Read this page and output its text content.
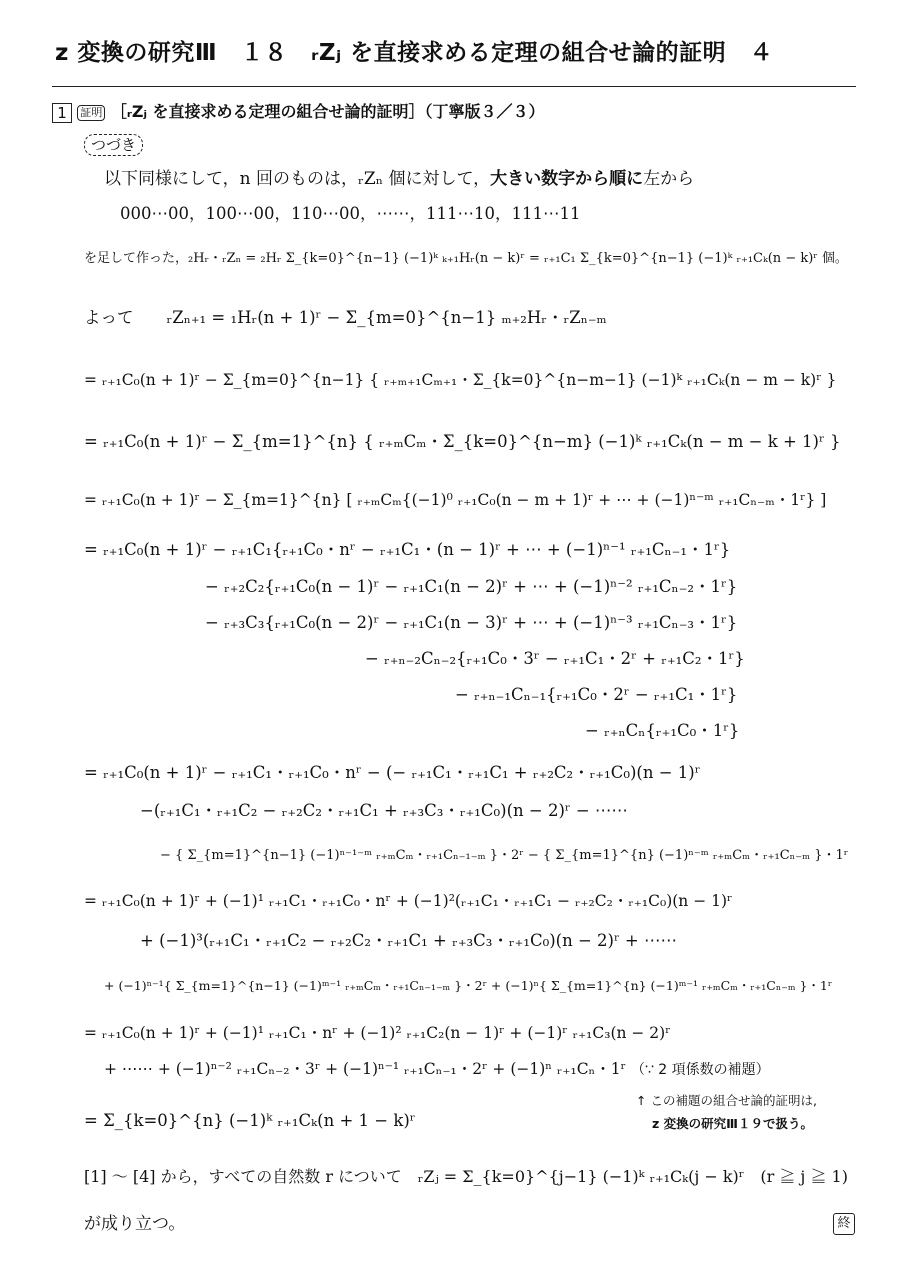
z 変換の研究Ⅲ　１８　ᵣZⱼ を直接求める定理の組合せ論的証明　４
1 証明 ［ᵣZⱼ を直接求める定理の組合せ論的証明］（丁寧版３／３）
つづき
以下同様にして，n 回のものは，ᵣZₙ 個に対して，大きい数字から順に左から
000⋯00，100⋯00，110⋯00，⋯⋯，111⋯10，111⋯11
を足して作った，₂Hᵣ・ᵣZₙ = ₂Hᵣ Σ_{k=0}^{n−1} (−1)ᵏ ₖ₊₁Hᵣ(n − k)ʳ = ᵣ₊₁C₁ Σ_{k=0}^{n−1} (−1)ᵏ ᵣ₊₁Cₖ(n − k)ʳ 個。
よって　　ᵣZₙ₊₁ = ₁Hᵣ(n + 1)ʳ − Σ_{m=0}^{n−1} ₘ₊₂Hᵣ・ᵣZₙ₋ₘ
= ᵣ₊₁C₀(n + 1)ʳ − Σ_{m=0}^{n−1} { ᵣ₊ₘ₊₁Cₘ₊₁・Σ_{k=0}^{n−m−1} (−1)ᵏ ᵣ₊₁Cₖ(n − m − k)ʳ }
= ᵣ₊₁C₀(n + 1)ʳ − Σ_{m=1}^{n} { ᵣ₊ₘCₘ・Σ_{k=0}^{n−m} (−1)ᵏ ᵣ₊₁Cₖ(n − m − k + 1)ʳ }
= ᵣ₊₁C₀(n + 1)ʳ − Σ_{m=1}^{n} [ ᵣ₊ₘCₘ{(−1)⁰ ᵣ₊₁C₀(n − m + 1)ʳ + ⋯ + (−1)ⁿ⁻ᵐ ᵣ₊₁Cₙ₋ₘ・1ʳ} ]
= ᵣ₊₁C₀(n + 1)ʳ − ᵣ₊₁C₁{ᵣ₊₁C₀・nʳ − ᵣ₊₁C₁・(n − 1)ʳ + ⋯ + (−1)ⁿ⁻¹ ᵣ₊₁Cₙ₋₁・1ʳ}
− ᵣ₊₂C₂{ᵣ₊₁C₀(n − 1)ʳ − ᵣ₊₁C₁(n − 2)ʳ + ⋯ + (−1)ⁿ⁻² ᵣ₊₁Cₙ₋₂・1ʳ}
− ᵣ₊₃C₃{ᵣ₊₁C₀(n − 2)ʳ − ᵣ₊₁C₁(n − 3)ʳ + ⋯ + (−1)ⁿ⁻³ ᵣ₊₁Cₙ₋₃・1ʳ}
− ᵣ₊ₙ₋₂Cₙ₋₂{ᵣ₊₁C₀・3ʳ − ᵣ₊₁C₁・2ʳ + ᵣ₊₁C₂・1ʳ}
− ᵣ₊ₙ₋₁Cₙ₋₁{ᵣ₊₁C₀・2ʳ − ᵣ₊₁C₁・1ʳ}
− ᵣ₊ₙCₙ{ᵣ₊₁C₀・1ʳ}
= ᵣ₊₁C₀(n + 1)ʳ − ᵣ₊₁C₁・ᵣ₊₁C₀・nʳ − (− ᵣ₊₁C₁・ᵣ₊₁C₁ + ᵣ₊₂C₂・ᵣ₊₁C₀)(n − 1)ʳ
−(ᵣ₊₁C₁・ᵣ₊₁C₂ − ᵣ₊₂C₂・ᵣ₊₁C₁ + ᵣ₊₃C₃・ᵣ₊₁C₀)(n − 2)ʳ − ⋯⋯
− { Σ_{m=1}^{n−1} (−1)ⁿ⁻¹⁻ᵐ ᵣ₊ₘCₘ・ᵣ₊₁Cₙ₋₁₋ₘ }・2ʳ − { Σ_{m=1}^{n} (−1)ⁿ⁻ᵐ ᵣ₊ₘCₘ・ᵣ₊₁Cₙ₋ₘ }・1ʳ
= ᵣ₊₁C₀(n + 1)ʳ + (−1)¹ ᵣ₊₁C₁・ᵣ₊₁C₀・nʳ + (−1)²(ᵣ₊₁C₁・ᵣ₊₁C₁ − ᵣ₊₂C₂・ᵣ₊₁C₀)(n − 1)ʳ
+ (−1)³(ᵣ₊₁C₁・ᵣ₊₁C₂ − ᵣ₊₂C₂・ᵣ₊₁C₁ + ᵣ₊₃C₃・ᵣ₊₁C₀)(n − 2)ʳ + ⋯⋯
+ (−1)ⁿ⁻¹{ Σ_{m=1}^{n−1} (−1)ᵐ⁻¹ ᵣ₊ₘCₘ・ᵣ₊₁Cₙ₋₁₋ₘ }・2ʳ + (−1)ⁿ{ Σ_{m=1}^{n} (−1)ᵐ⁻¹ ᵣ₊ₘCₘ・ᵣ₊₁Cₙ₋ₘ }・1ʳ
= ᵣ₊₁C₀(n + 1)ʳ + (−1)¹ ᵣ₊₁C₁・nʳ + (−1)² ᵣ₊₁C₂(n − 1)ʳ + (−1)ʳ ᵣ₊₁C₃(n − 2)ʳ
+ ⋯⋯ + (−1)ⁿ⁻² ᵣ₊₁Cₙ₋₂・3ʳ + (−1)ⁿ⁻¹ ᵣ₊₁Cₙ₋₁・2ʳ + (−1)ⁿ ᵣ₊₁Cₙ・1ʳ （∵ 2 項係数の補題）
= Σ_{k=0}^{n} (−1)ᵏ ᵣ₊₁Cₖ(n + 1 − k)ʳ
↑ この補題の組合せ論的証明は,
z 変換の研究Ⅲ１９で扱う。
[1] 〜 [4] から，すべての自然数 r について　ᵣZⱼ = Σ_{k=0}^{j−1} (−1)ᵏ ᵣ₊₁Cₖ(j − k)ʳ　(r ≧ j ≧ 1)
が成り立つ。	終
